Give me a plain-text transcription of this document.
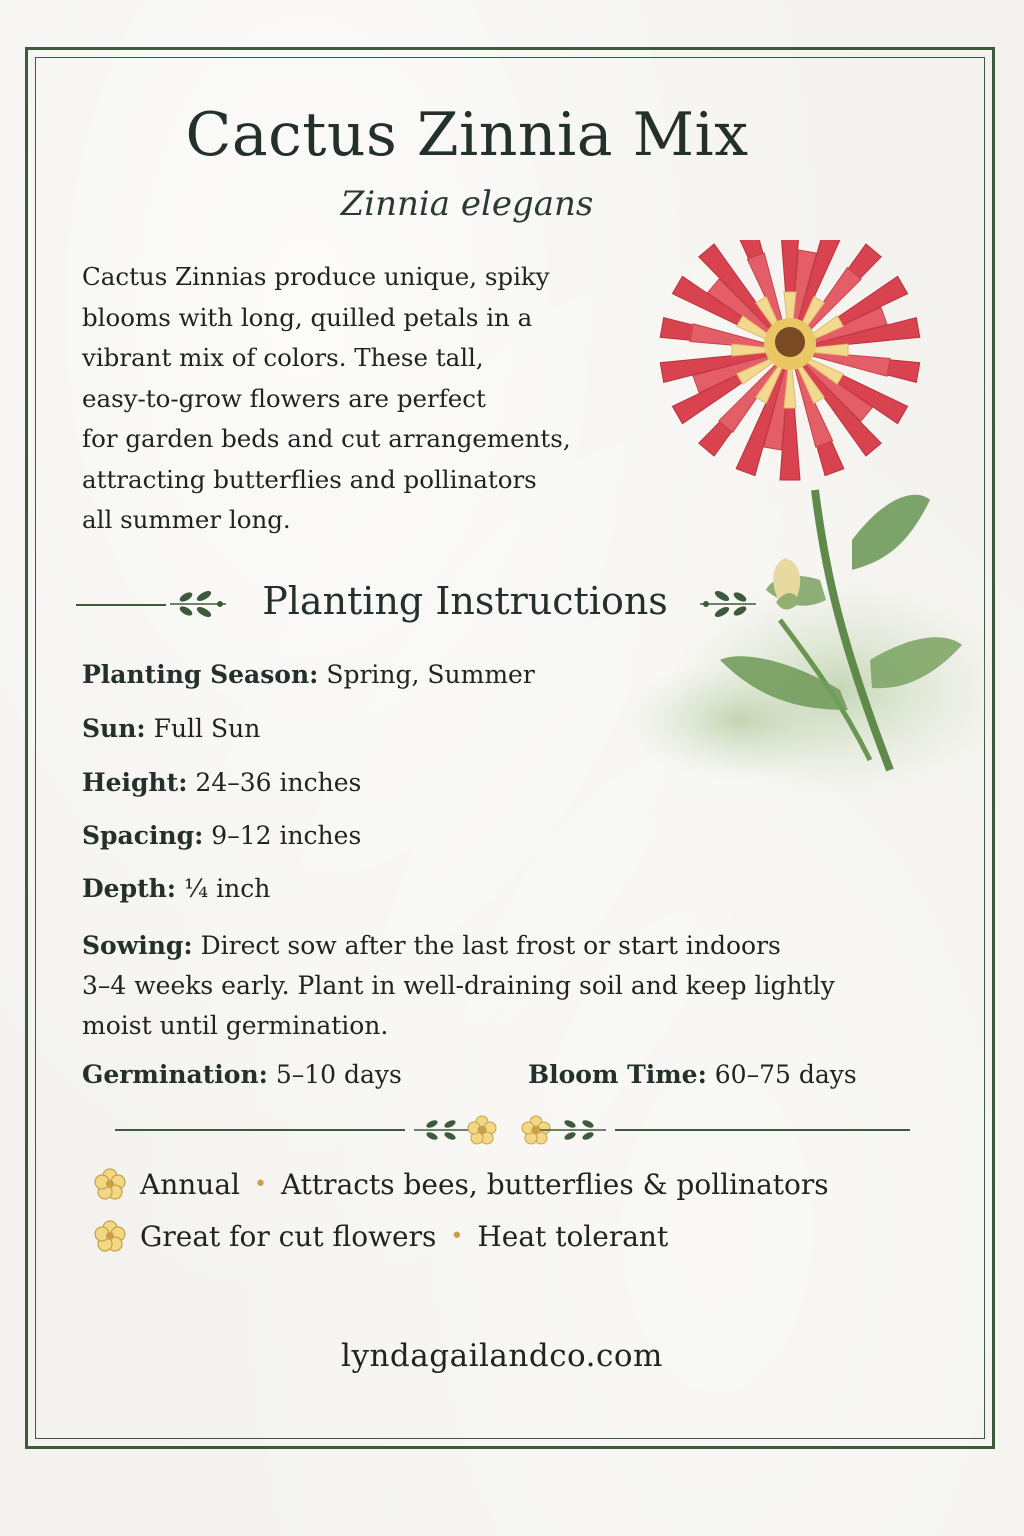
Cactus Zinnia Mix
Zinnia elegans
Cactus Zinnias produce unique, spiky
blooms with long, quilled petals in a
vibrant mix of colors. These tall,
easy-to-grow flowers are perfect
for garden beds and cut arrangements,
attracting butterflies and pollinators
all summer long.
Planting Instructions
Planting Season: Spring, Summer
Sun: Full Sun
Height: 24–36 inches
Spacing: 9–12 inches
Depth: ¼ inch
Sowing: Direct sow after the last frost or start indoors
3–4 weeks early. Plant in well-draining soil and keep lightly
moist until germination.
Germination: 5–10 days	Bloom Time: 60–75 days
Annual • Attracts bees, butterflies & pollinators
Great for cut flowers • Heat tolerant
lyndagailandco.com
